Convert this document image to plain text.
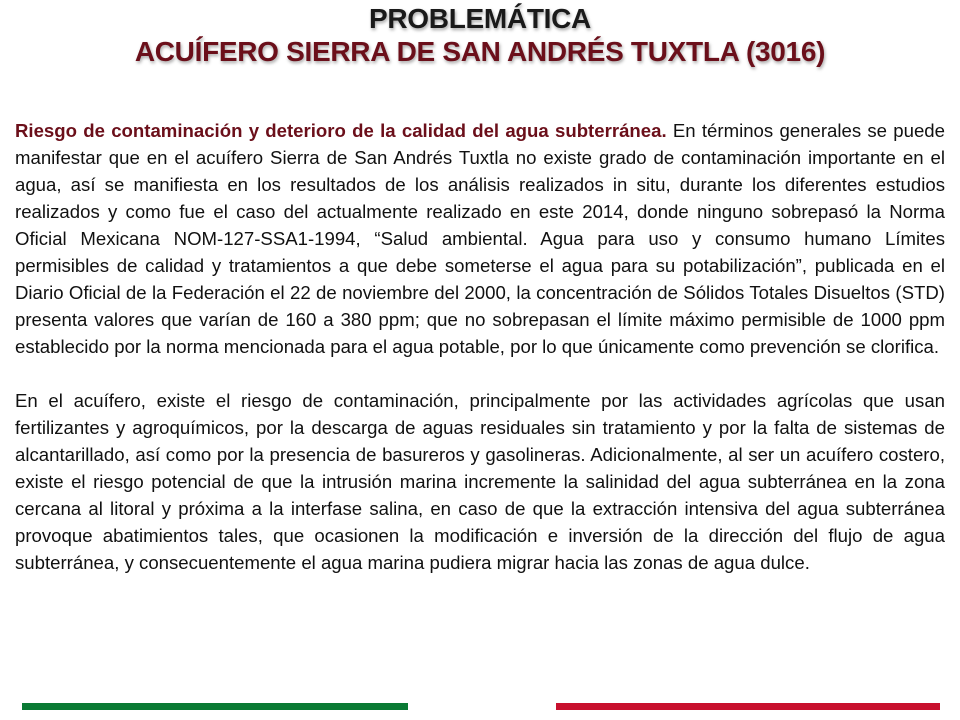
PROBLEMÁTICA
ACUÍFERO SIERRA DE SAN ANDRÉS TUXTLA (3016)

Riesgo de contaminación y deterioro de la calidad del agua subterránea. En términos generales se puede manifestar que en el acuífero Sierra de San Andrés Tuxtla no existe grado de contaminación importante en el agua, así se manifiesta en los resultados de los análisis realizados in situ, durante los diferentes estudios realizados y como fue el caso del actualmente realizado en este 2014, donde ninguno sobrepasó la Norma Oficial Mexicana NOM-127-SSA1-1994, “Salud ambiental. Agua para uso y consumo humano Límites permisibles de calidad y tratamientos a que debe someterse el agua para su potabilización”, publicada en el Diario Oficial de la Federación el 22 de noviembre del 2000, la concentración de Sólidos Totales Disueltos (STD) presenta valores que varían de 160 a 380 ppm; que no sobrepasan el límite máximo permisible de 1000 ppm establecido por la norma mencionada para el agua potable, por lo que únicamente como prevención se clorifica.

En el acuífero, existe el riesgo de contaminación, principalmente por las actividades agrícolas que usan fertilizantes y agroquímicos, por la descarga de aguas residuales sin tratamiento y por la falta de sistemas de alcantarillado, así como por la presencia de basureros y gasolineras. Adicionalmente, al ser un acuífero costero, existe el riesgo potencial de que la intrusión marina incremente la salinidad del agua subterránea en la zona cercana al litoral y próxima a la interfase salina, en caso de que la extracción intensiva del agua subterránea provoque abatimientos tales, que ocasionen la modificación e inversión de la dirección del flujo de agua subterránea, y consecuentemente el agua marina pudiera migrar hacia las zonas de agua dulce.
